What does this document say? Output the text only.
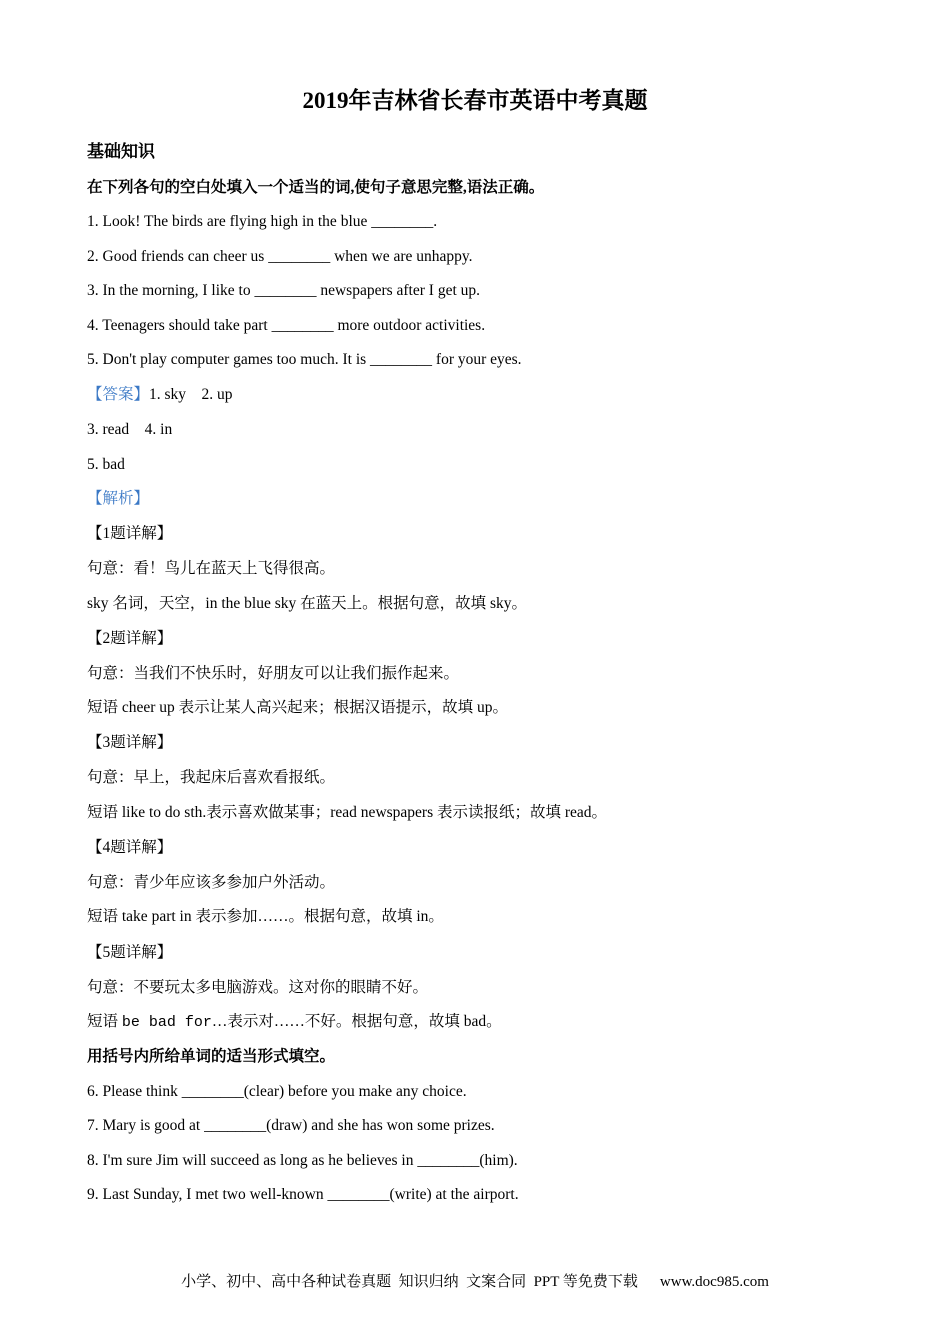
2019年吉林省长春市英语中考真题
基础知识
在下列各句的空白处填入一个适当的词,使句子意思完整,语法正确。
1. Look! The birds are flying high in the blue ________.
2. Good friends can cheer us ________ when we are unhappy.
3. In the morning, I like to ________ newspapers after I get up.
4. Teenagers should take part ________ more outdoor activities.
5. Don't play computer games too much. It is ________ for your eyes.
【答案】1. sky    2. up
3. read    4. in
5. bad
【解析】
【1题详解】
句意：看！鸟儿在蓝天上飞得很高。
sky 名词，天空，in the blue sky 在蓝天上。根据句意，故填 sky。
【2题详解】
句意：当我们不快乐时，好朋友可以让我们振作起来。
短语 cheer up 表示让某人高兴起来；根据汉语提示，故填 up。
【3题详解】
句意：早上，我起床后喜欢看报纸。
短语 like to do sth.表示喜欢做某事；read newspapers 表示读报纸；故填 read。
【4题详解】
句意：青少年应该多参加户外活动。
短语 take part in 表示参加……。根据句意，故填 in。
【5题详解】
句意：不要玩太多电脑游戏。这对你的眼睛不好。
短语 be bad for…表示对……不好。根据句意，故填 bad。
用括号内所给单词的适当形式填空。
6. Please think ________(clear) before you make any choice.
7. Mary is good at ________(draw) and she has won some prizes.
8. I'm sure Jim will succeed as long as he believes in ________(him).
9. Last Sunday, I met two well-known ________(write) at the airport.
小学、初中、高中各种试卷真题  知识归纳  文案合同  PPT 等免费下载 www.doc985.com
